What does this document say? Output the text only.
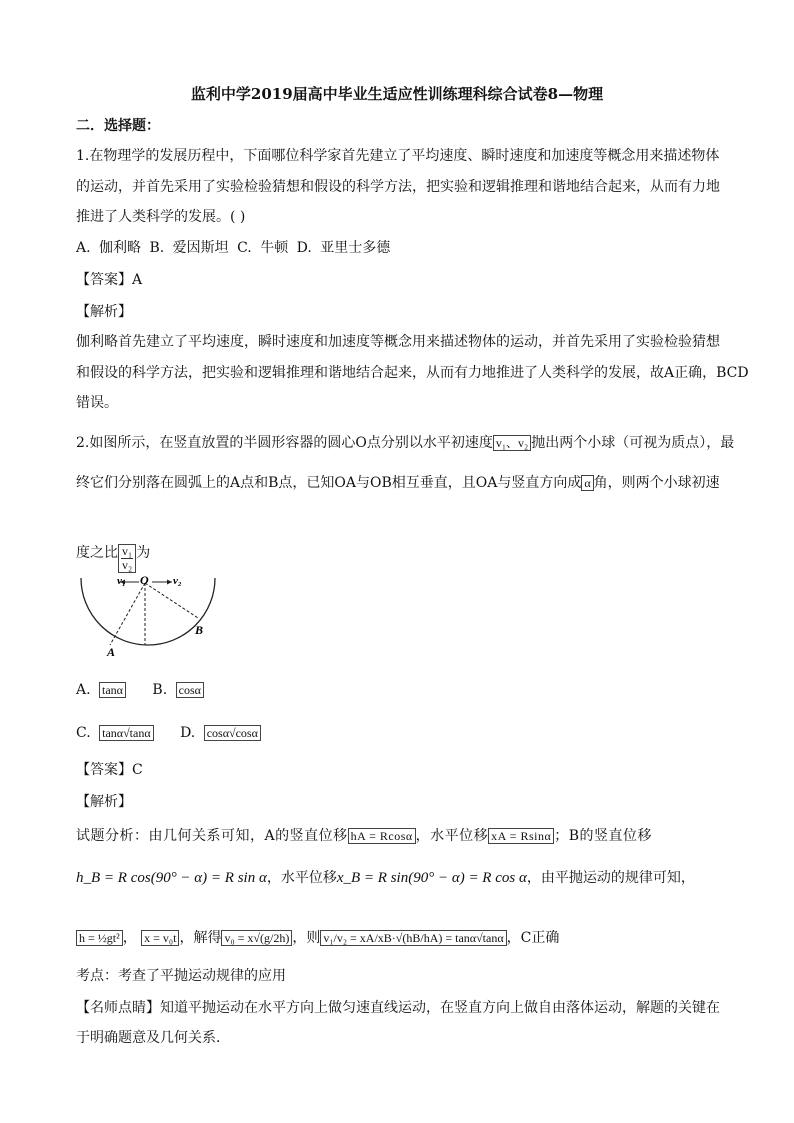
监利中学2019届高中毕业生适应性训练理科综合试卷8—物理
二．选择题：
1.在物理学的发展历程中，下面哪位科学家首先建立了平均速度、瞬时速度和加速度等概念用来描述物体
的运动，并首先采用了实验检验猜想和假设的科学方法，把实验和逻辑推理和谐地结合起来，从而有力地
推进了人类科学的发展。( )
A. 伽利略 B. 爱因斯坦 C. 牛顿 D. 亚里士多德
【答案】A
【解析】
伽利略首先建立了平均速度，瞬时速度和加速度等概念用来描述物体的运动，并首先采用了实验检验猜想
和假设的科学方法，把实验和逻辑推理和谐地结合起来，从而有力地推进了人类科学的发展，故A正确，BCD
错误。
2.如图所示，在竖直放置的半圆形容器的圆心O点分别以水平初速度 v₁、v₂ 抛出两个小球（可视为质点），最
终它们分别落在圆弧上的A点和B点，已知OA与OB相互垂直，且OA与竖直方向成 α 角，则两个小球初速
度之比 $\frac{\text{v₁}}{\text{v₂}}$ 为
v₁ O v₂
A
B
A. tanα B. cosα
C. tanα√tanα D. cosα√cosα
【答案】C
【解析】
试题分析：由几何关系可知，A的竖直位移 hA = Rcosα ，水平位移 xA = Rsinα ；B的竖直位移
h_B = R cos(90° − α) = R sin α，水平位移x_B = R sin(90° − α) = R cos α，由平抛运动的规律可知，
h = ½gt² ， x = v₀t ，解得 v₀ = x√(g/2h) ，则 v₁/v₂ = xA/xB·√(hB/hA) = tanα√tanα ，C正确
考点：考查了平抛运动规律的应用
【名师点睛】知道平抛运动在水平方向上做匀速直线运动，在竖直方向上做自由落体运动，解题的关键在
于明确题意及几何关系．
